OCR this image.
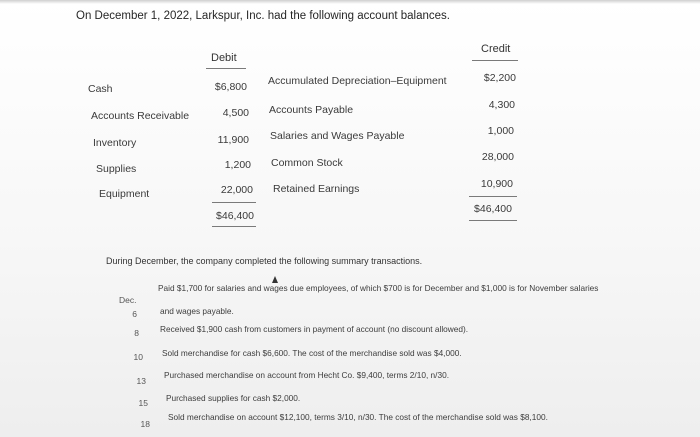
On December 1, 2022, Larkspur, Inc. had the following account balances.
Debit
Credit
Cash	$6,800
Accounts Receivable	4,500
Inventory	11,900
Supplies	1,200
Equipment	22,000
$46,400
Accumulated Depreciation–Equipment	$2,200
Accounts Payable	4,300
Salaries and Wages Payable	1,000
Common Stock	28,000
Retained Earnings	10,900
$46,400
During December, the company completed the following summary transactions.
Dec.
6
Paid $1,700 for salaries and wages due employees, of which $700 is for December and $1,000 is for November salaries
and wages payable.
8	Received $1,900 cash from customers in payment of account (no discount allowed).
10 Sold merchandise for cash $6,600. The cost of the merchandise sold was $4,000.
13
Purchased merchandise on account from Hecht Co. $9,400, terms 2/10, n/30.
15 Purchased supplies for cash $2,000.
18
Sold merchandise on account $12,100, terms 3/10, n/30. The cost of the merchandise sold was $8,100.
